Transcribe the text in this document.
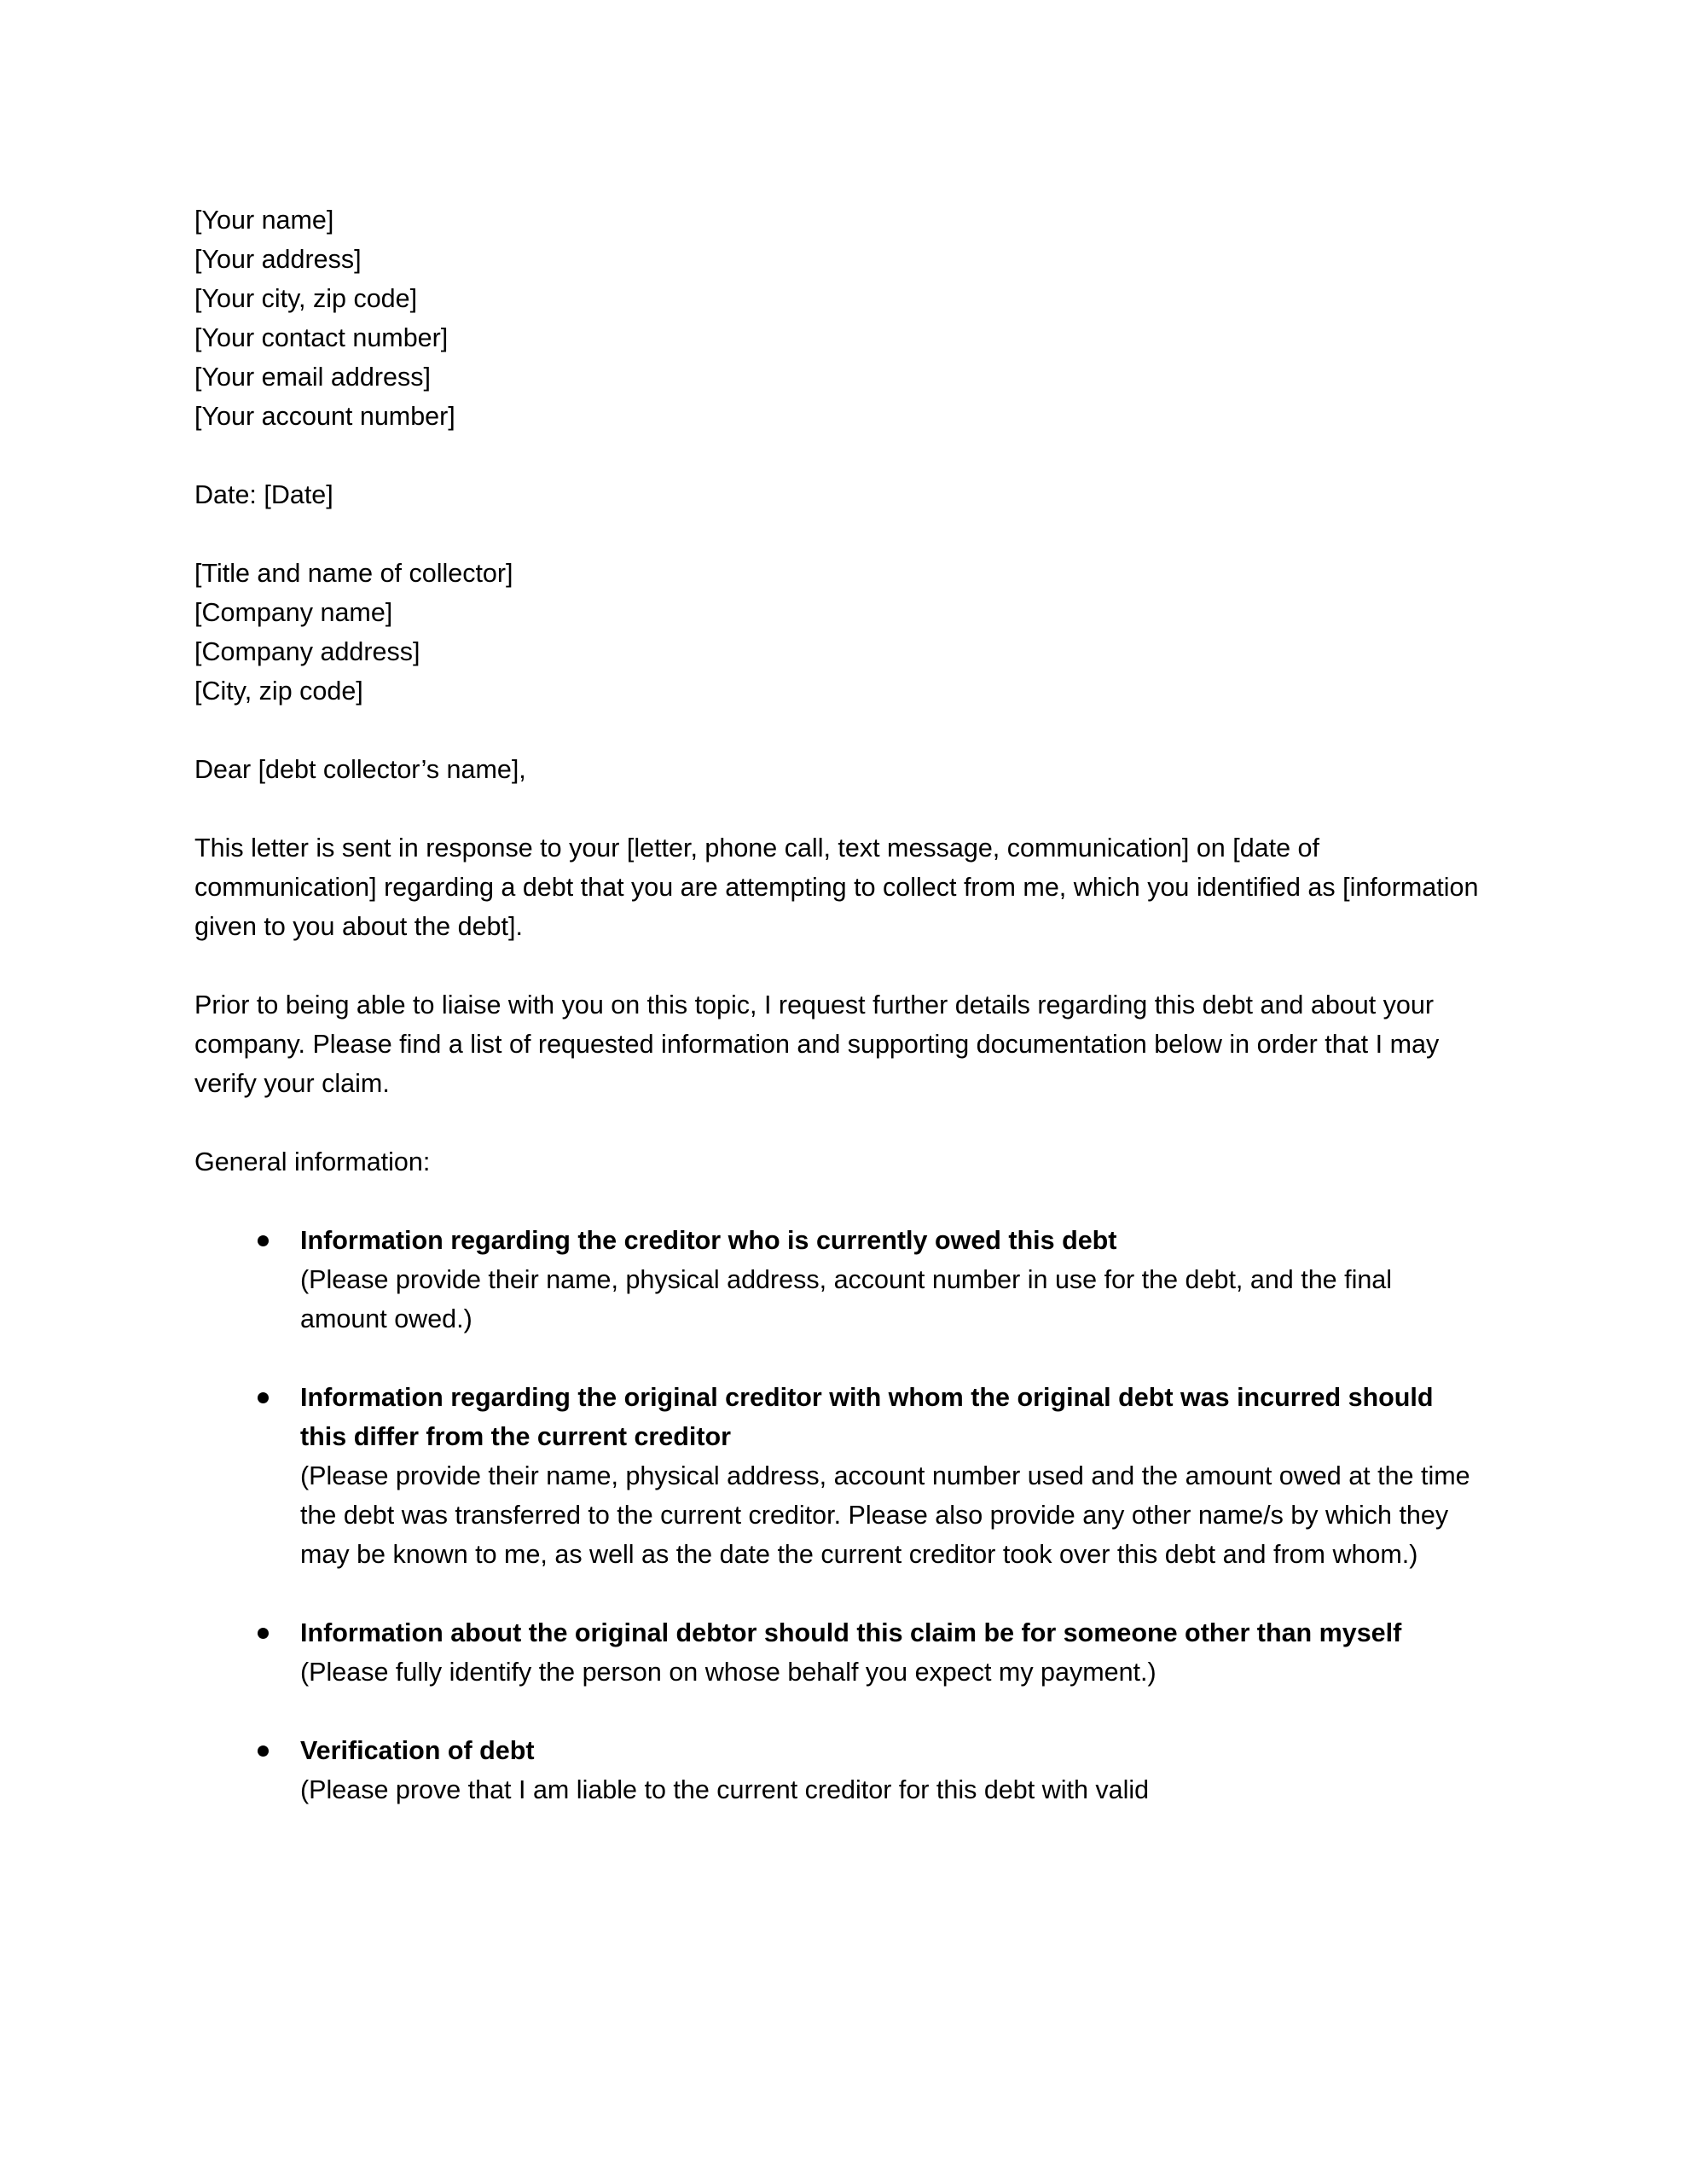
[Your name]
[Your address]
[Your city, zip code]
[Your contact number]
[Your email address]
[Your account number]

Date: [Date]

[Title and name of collector]
[Company name]
[Company address]
[City, zip code]

Dear [debt collector’s name],

This letter is sent in response to your [letter, phone call, text message, communication] on [date of communication] regarding a debt that you are attempting to collect from me, which you identified as [information given to you about the debt].

Prior to being able to liaise with you on this topic, I request further details regarding this debt and about your company. Please find a list of requested information and supporting documentation below in order that I may verify your claim.

General information:

Information regarding the creditor who is currently owed this debt
(Please provide their name, physical address, account number in use for the debt, and the final amount owed.)
Information regarding the original creditor with whom the original debt was incurred should this differ from the current creditor
(Please provide their name, physical address, account number used and the amount owed at the time the debt was transferred to the current creditor. Please also provide any other name/s by which they may be known to me, as well as the date the current creditor took over this debt and from whom.)
Information about the original debtor should this claim be for someone other than myself
(Please fully identify the person on whose behalf you expect my payment.)
Verification of debt
(Please prove that I am liable to the current creditor for this debt with valid
